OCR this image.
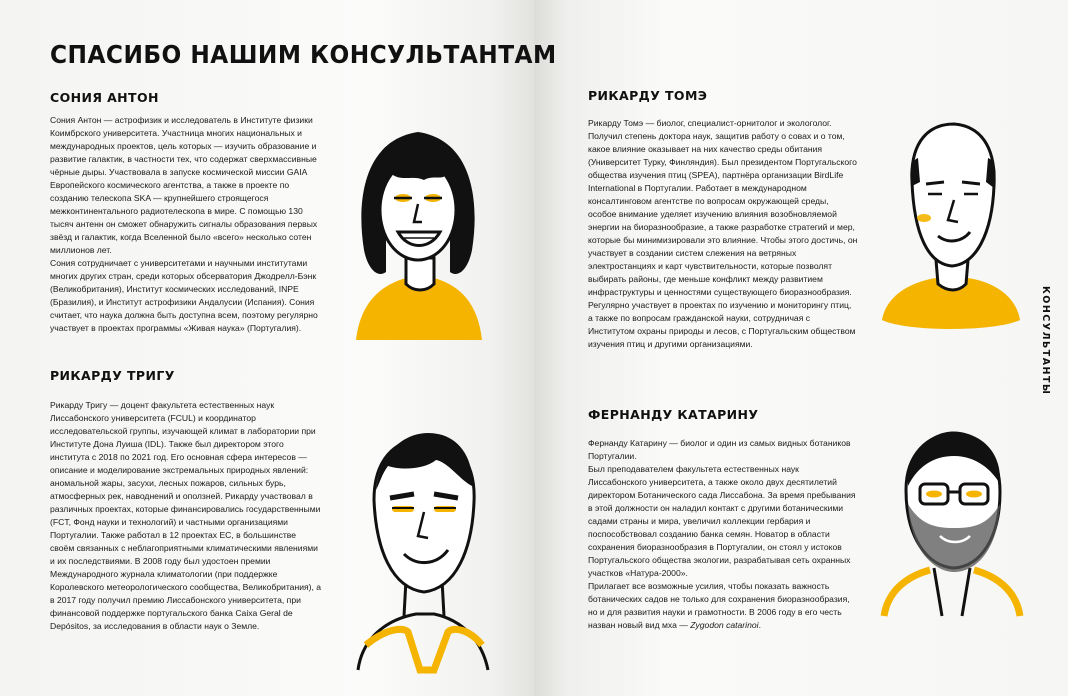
СПАСИБО НАШИМ КОНСУЛЬТАНТАМ
СОНИЯ АНТОН

Сония Антон — астрофизик и исследователь в Институте физики Коимбрского университета. Участница многих национальных и международных проектов, цель которых — изучить образование и развитие галактик, в частности тех, что содержат сверхмассивные чёрные дыры. Участвовала в запуске космической миссии GAIA Европейского космического агентства, а также в проекте по созданию телескопа SKA — крупнейшего строящегося межконтинентального радиотелескопа в мире. С помощью 130 тысяч антенн он сможет обнаружить сигналы образования первых звёзд и галактик, когда Вселенной было «всего» несколько сотен миллионов лет.

Сония сотрудничает с университетами и научными институтами многих других стран, среди которых обсерватория Джодрелл-Бэнк (Великобритания), Институт космических исследований, INPE (Бразилия), и Институт астрофизики Андалусии (Испания). Сония считает, что наука должна быть доступна всем, поэтому регулярно участвует в проектах программы «Живая наука» (Португалия).

РИКАРДУ ТРИГУ

Рикарду Тригу — доцент факультета естественных наук Лиссабонского университета (FCUL) и координатор исследовательской группы, изучающей климат в лаборатории при Институте Дона Луиша (IDL). Также был директором этого института с 2018 по 2021 год. Его основная сфера интересов — описание и моделирование экстремальных природных явлений: аномальной жары, засухи, лесных пожаров, сильных бурь, атмосферных рек, наводнений и оползней. Рикарду участвовал в различных проектах, которые финансировались государственными (FCT, Фонд науки и технологий) и частными организациями Португалии. Также работал в 12 проектах ЕС, в большинстве своём связанных с неблагоприятными климатическими явлениями и их последствиями. В 2008 году был удостоен премии Международного журнала климатологии (при поддержке Королевского метеорологического сообщества, Великобритания), а в 2017 году получил премию Лиссабонского университета, при финансовой поддержке португальского банка Caixa Geral de Depósitos, за исследования в области наук о Земле.

РИКАРДУ ТОМЭ

Рикарду Томэ — биолог, специалист-орнитолог и экологолог. Получил степень доктора наук, защитив работу о совах и о том, какое влияние оказывает на них качество среды обитания (Университет Турку, Финляндия). Был президентом Португальского общества изучения птиц (SPEA), партнёра организации BirdLife International в Португалии. Работает в международном консалтинговом агентстве по вопросам окружающей среды, особое внимание уделяет изучению влияния возобновляемой энергии на биоразнообразие, а также разработке стратегий и мер, которые бы минимизировали это влияние. Чтобы этого достичь, он участвует в создании систем слежения на ветряных электростанциях и карт чувствительности, которые позволят выбирать районы, где меньше конфликт между развитием инфраструктуры и ценностями существующего биоразнообразия. Регулярно участвует в проектах по изучению и мониторингу птиц, а также по вопросам гражданской науки, сотрудничая с Институтом охраны природы и лесов, с Португальским обществом изучения птиц и другими организациями.

ФЕРНАНДУ КАТАРИНУ

Фернанду Катарину — биолог и один из самых видных ботаников Португалии.

Был преподавателем факультета естественных наук Лиссабонского университета, а также около двух десятилетий директором Ботанического сада Лиссабона. За время пребывания в этой должности он наладил контакт с другими ботаническими садами страны и мира, увеличил коллекции гербария и поспособствовал созданию банка семян. Новатор в области сохранения биоразнообразия в Португалии, он стоял у истоков Португальского общества экологии, разрабатывая сеть охранных участков «Натура-2000».

Прилагает все возможные усилия, чтобы показать важность ботанических садов не только для сохранения биоразнообразия, но и для развития науки и грамотности. В 2006 году в его честь назван новый вид мха — Zygodon catarinoi.

КОНСУЛЬТАНТЫ
